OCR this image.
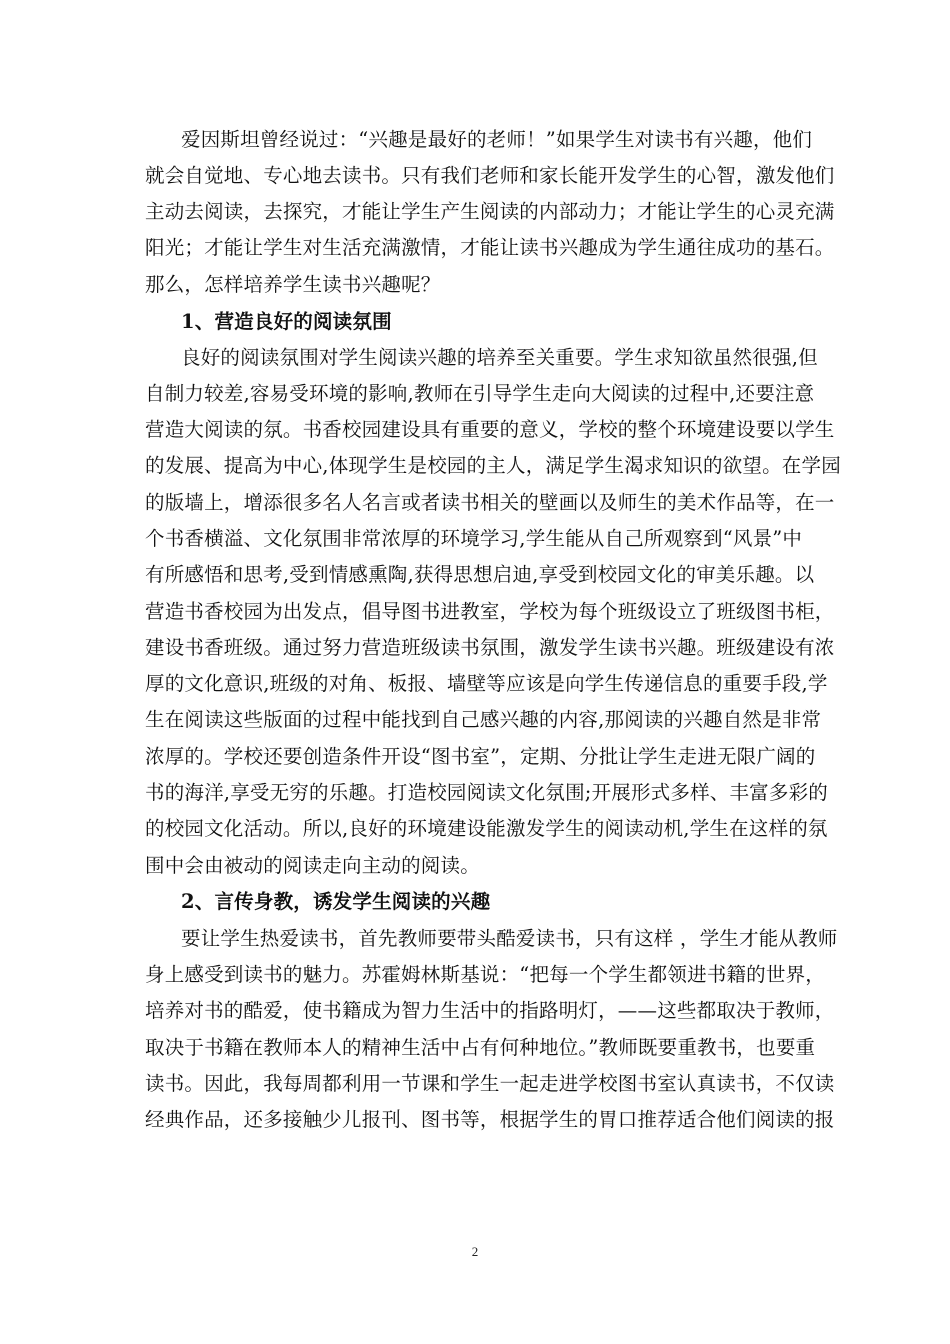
爱因斯坦曾经说过：“兴趣是最好的老师！”如果学生对读书有兴趣，他们
就会自觉地、专心地去读书。只有我们老师和家长能开发学生的心智，激发他们
主动去阅读，去探究，才能让学生产生阅读的内部动力；才能让学生的心灵充满
阳光；才能让学生对生活充满激情，才能让读书兴趣成为学生通往成功的基石。
那么，怎样培养学生读书兴趣呢？
1、营造良好的阅读氛围
良好的阅读氛围对学生阅读兴趣的培养至关重要。学生求知欲虽然很强,但
自制力较差,容易受环境的影响,教师在引导学生走向大阅读的过程中,还要注意
营造大阅读的氛。书香校园建设具有重要的意义，学校的整个环境建设要以学生
的发展、提高为中心,体现学生是校园的主人，满足学生渴求知识的欲望。在学园
的版墙上，增添很多名人名言或者读书相关的壁画以及师生的美术作品等，在一
个书香横溢、文化氛围非常浓厚的环境学习,学生能从自己所观察到“风景”中
有所感悟和思考,受到情感熏陶,获得思想启迪,享受到校园文化的审美乐趣。以
营造书香校园为出发点，倡导图书进教室，学校为每个班级设立了班级图书柜，
建设书香班级。通过努力营造班级读书氛围，激发学生读书兴趣。班级建设有浓
厚的文化意识,班级的对角、板报、墙壁等应该是向学生传递信息的重要手段,学
生在阅读这些版面的过程中能找到自己感兴趣的内容,那阅读的兴趣自然是非常
浓厚的。学校还要创造条件开设“图书室”，定期、分批让学生走进无限广阔的
书的海洋,享受无穷的乐趣。打造校园阅读文化氛围;开展形式多样、丰富多彩的
的校园文化活动。所以,良好的环境建设能激发学生的阅读动机,学生在这样的氛
围中会由被动的阅读走向主动的阅读。
2、言传身教，诱发学生阅读的兴趣
要让学生热爱读书，首先教师要带头酷爱读书，只有这样 ，学生才能从教师
身上感受到读书的魅力。苏霍姆林斯基说：“把每一个学生都领进书籍的世界，
培养对书的酷爱，使书籍成为智力生活中的指路明灯，——这些都取决于教师，
取决于书籍在教师本人的精神生活中占有何种地位。”教师既要重教书，也要重
读书。因此，我每周都利用一节课和学生一起走进学校图书室认真读书，不仅读
经典作品，还多接触少儿报刊、图书等，根据学生的胃口推荐适合他们阅读的报
2
